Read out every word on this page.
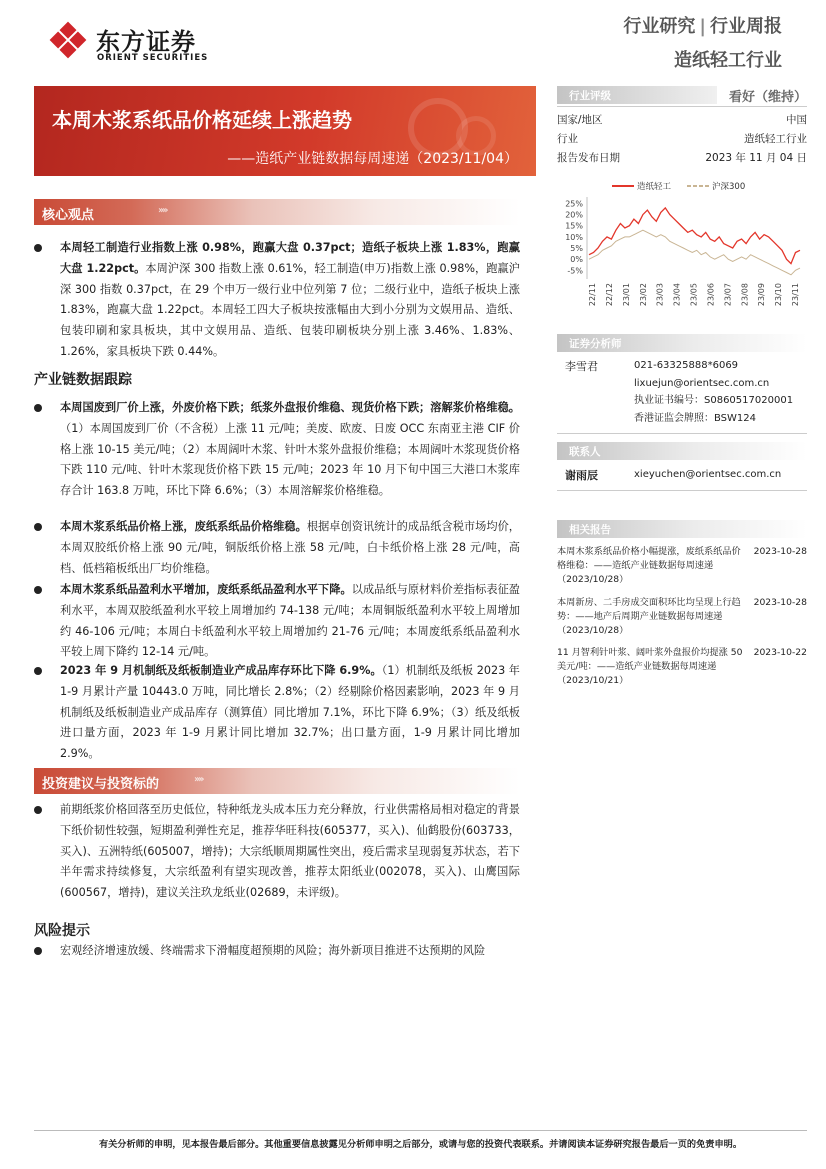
东方证券
ORIENT SECURITIES
行业研究 | 行业周报
造纸轻工行业
本周木浆系纸品价格延续上涨趋势
——造纸产业链数据每周速递（2023/11/04）
行业评级	看好（维持）
国家/地区	中国
行业	造纸轻工行业
报告发布日期	2023 年 11 月 04 日
造纸轻工	沪深300
25%
20%
15%
10%
5%
0%
-5%
22/11 22/12 23/01 23/02 23/03 23/04 23/05 23/06 23/07 23/08 23/09 23/10 23/11
证券分析师
李雪君	021-63325888*6069
lixuejun@orientsec.com.cn
执业证书编号：S0860517020001
香港证监会牌照：BSW124
联系人
谢雨辰	xieyuchen@orientsec.com.cn
相关报告
本周木浆系纸品价格小幅提涨，废纸系纸品价格维稳：——造纸产业链数据每周速递（2023/10/28）
2023-10-28
本周新房、二手房成交面积环比均呈现上行趋势：——地产后周期产业链数据每周速递（2023/10/28）
2023-10-28
11 月智利针叶浆、阔叶浆外盘报价均提涨 50 美元/吨：——造纸产业链数据每周速递（2023/10/21）
2023-10-22
核心观点	››››
本周轻工制造行业指数上涨 0.98%，跑赢大盘 0.37pct；造纸子板块上涨 1.83%，跑赢大盘 1.22pct。本周沪深 300 指数上涨 0.61%，轻工制造(申万)指数上涨 0.98%，跑赢沪深 300 指数 0.37pct，在 29 个申万一级行业中位列第 7 位；二级行业中，造纸子板块上涨 1.83%，跑赢大盘 1.22pct。本周轻工四大子板块按涨幅由大到小分别为文娱用品、造纸、包装印刷和家具板块，其中文娱用品、造纸、包装印刷板块分别上涨 3.46%、1.83%、1.26%，家具板块下跌 0.44%。
产业链数据跟踪
本周国废到厂价上涨，外废价格下跌；纸浆外盘报价维稳、现货价格下跌；溶解浆价格维稳。（1）本周国废到厂价（不含税）上涨 11 元/吨；美废、欧废、日废 OCC 东南亚主港 CIF 价格上涨 10-15 美元/吨；（2）本周阔叶木浆、针叶木浆外盘报价维稳；本周阔叶木浆现货价格下跌 110 元/吨、针叶木浆现货价格下跌 15 元/吨；2023 年 10 月下旬中国三大港口木浆库存合计 163.8 万吨，环比下降 6.6%；（3）本周溶解浆价格维稳。
本周木浆系纸品价格上涨，废纸系纸品价格维稳。根据卓创资讯统计的成品纸含税市场均价，本周双胶纸价格上涨 90 元/吨，铜版纸价格上涨 58 元/吨，白卡纸价格上涨 28 元/吨，高档、低档箱板纸出厂均价维稳。
本周木浆系纸品盈利水平增加，废纸系纸品盈利水平下降。以成品纸与原材料价差指标表征盈利水平，本周双胶纸盈利水平较上周增加约 74-138 元/吨；本周铜版纸盈利水平较上周增加约 46-106 元/吨；本周白卡纸盈利水平较上周增加约 21-76 元/吨；本周废纸系纸品盈利水平较上周下降约 12-14 元/吨。
2023 年 9 月机制纸及纸板制造业产成品库存环比下降 6.9%。（1）机制纸及纸板 2023 年 1-9 月累计产量 10443.0 万吨，同比增长 2.8%；（2）经剔除价格因素影响，2023 年 9 月机制纸及纸板制造业产成品库存（测算值）同比增加 7.1%，环比下降 6.9%；（3）纸及纸板进口量方面，2023 年 1-9 月累计同比增加 32.7%；出口量方面，1-9 月累计同比增加 2.9%。
投资建议与投资标的	››››
前期纸浆价格回落至历史低位，特种纸龙头成本压力充分释放，行业供需格局相对稳定的背景下纸价韧性较强，短期盈利弹性充足，推荐华旺科技(605377，买入)、仙鹤股份(603733，买入)、五洲特纸(605007，增持)；大宗纸顺周期属性突出，疫后需求呈现弱复苏状态，若下半年需求持续修复，大宗纸盈利有望实现改善，推荐太阳纸业(002078，买入)、山鹰国际(600567，增持)，建议关注玖龙纸业(02689，未评级)。
风险提示
宏观经济增速放缓、终端需求下滑幅度超预期的风险；海外新项目推进不达预期的风险
有关分析师的申明，见本报告最后部分。其他重要信息披露见分析师申明之后部分，或请与您的投资代表联系。并请阅读本证券研究报告最后一页的免责申明。
